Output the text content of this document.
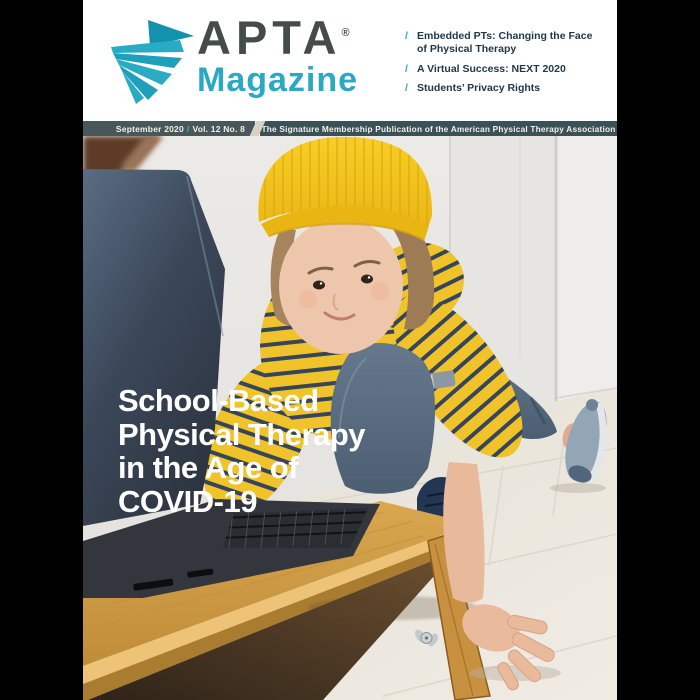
APTA®
Magazine
/ Embedded PTs: Changing the Face of Physical Therapy
/ A Virtual Success: NEXT 2020
/ Students’ Privacy Rights
September 2020 / Vol. 12 No. 8 The Signature Membership Publication of the American Physical Therapy Association
School-Based
Physical Therapy
in the Age of
COVID-19
